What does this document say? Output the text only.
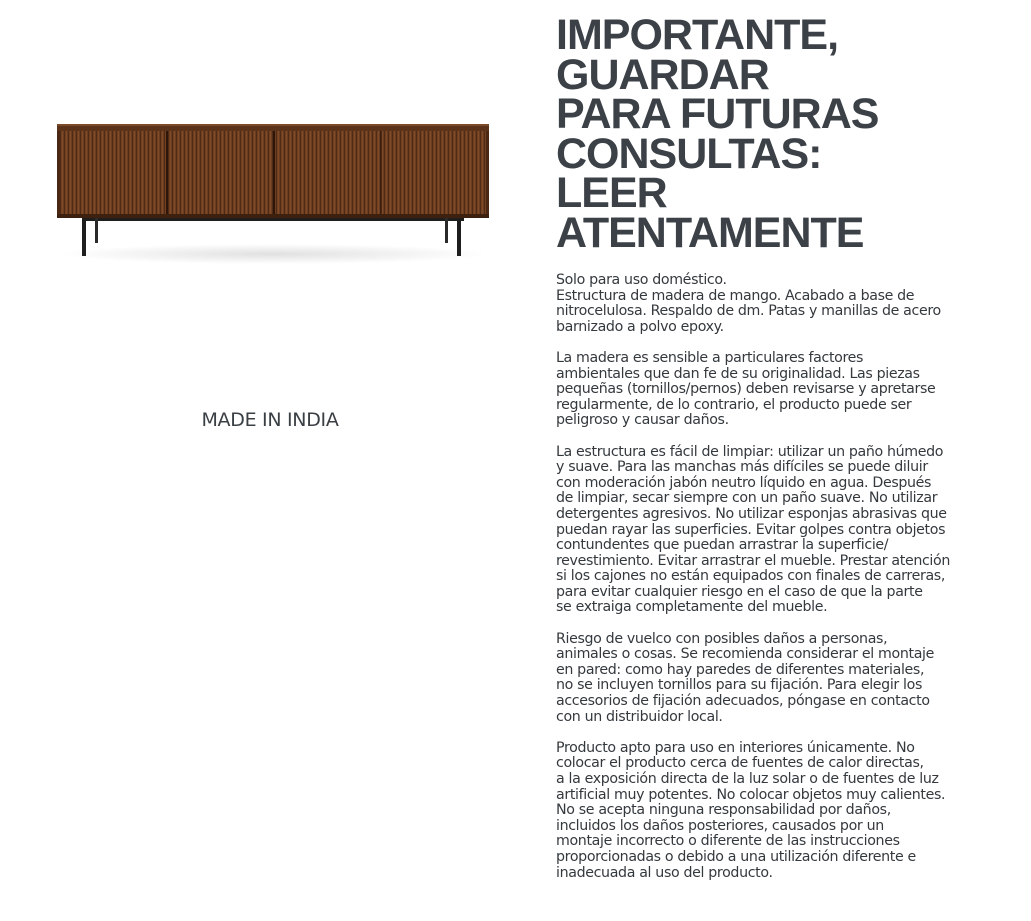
MADE IN INDIA

IMPORTANTE,
GUARDAR
PARA FUTURAS
CONSULTAS:
LEER
ATENTAMENTE

Solo para uso doméstico.
Estructura de madera de mango. Acabado a base de
nitrocelulosa. Respaldo de dm. Patas y manillas de acero
barnizado a polvo epoxy.

La madera es sensible a particulares factores
ambientales que dan fe de su originalidad. Las piezas
pequeñas (tornillos/pernos) deben revisarse y apretarse
regularmente, de lo contrario, el producto puede ser
peligroso y causar daños.

La estructura es fácil de limpiar: utilizar un paño húmedo
y suave. Para las manchas más difíciles se puede diluir
con moderación jabón neutro líquido en agua. Después
de limpiar, secar siempre con un paño suave. No utilizar
detergentes agresivos. No utilizar esponjas abrasivas que
puedan rayar las superficies. Evitar golpes contra objetos
contundentes que puedan arrastrar la superficie/
revestimiento. Evitar arrastrar el mueble. Prestar atención
si los cajones no están equipados con finales de carreras,
para evitar cualquier riesgo en el caso de que la parte
se extraiga completamente del mueble.

Riesgo de vuelco con posibles daños a personas,
animales o cosas. Se recomienda considerar el montaje
en pared: como hay paredes de diferentes materiales,
no se incluyen tornillos para su fijación. Para elegir los
accesorios de fijación adecuados, póngase en contacto
con un distribuidor local.

Producto apto para uso en interiores únicamente. No
colocar el producto cerca de fuentes de calor directas,
a la exposición directa de la luz solar o de fuentes de luz
artificial muy potentes. No colocar objetos muy calientes.
No se acepta ninguna responsabilidad por daños,
incluidos los daños posteriores, causados por un
montaje incorrecto o diferente de las instrucciones
proporcionadas o debido a una utilización diferente e
inadecuada al uso del producto.
